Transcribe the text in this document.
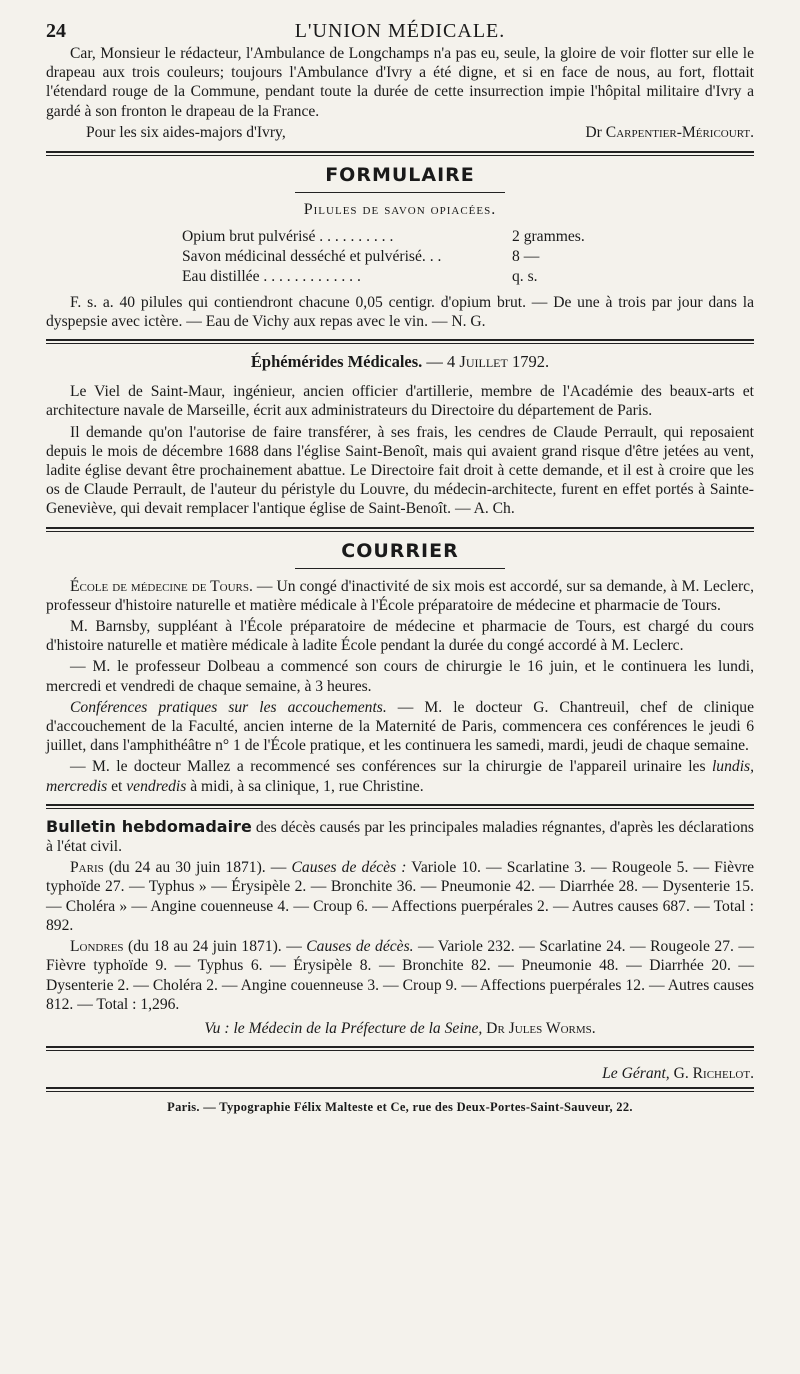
24	L'UNION MÉDICALE.

Car, Monsieur le rédacteur, l'Ambulance de Longchamps n'a pas eu, seule, la gloire de voir flotter sur elle le drapeau aux trois couleurs; toujours l'Ambulance d'Ivry a été digne, et si en face de nous, au fort, flottait l'étendard rouge de la Commune, pendant toute la durée de cette insurrection impie l'hôpital militaire d'Ivry a gardé à son fronton le drapeau de la France.

Pour les six aides-majors d'Ivry,	Dr Carpentier-Méricourt.
FORMULAIRE
Pilules de savon opiacées.
Opium brut pulvérisé . . . . . . . . . .	2 grammes.
Savon médicinal desséché et pulvérisé. . .	8 —
Eau distillée . . . . . . . . . . . . .	q. s.

F. s. a. 40 pilules qui contiendront chacune 0,05 centigr. d'opium brut. — De une à trois par jour dans la dyspepsie avec ictère. — Eau de Vichy aux repas avec le vin. — N. G.

Éphémérides Médicales. — 4 Juillet 1792.

Le Viel de Saint-Maur, ingénieur, ancien officier d'artillerie, membre de l'Académie des beaux-arts et architecture navale de Marseille, écrit aux administrateurs du Directoire du département de Paris.

Il demande qu'on l'autorise de faire transférer, à ses frais, les cendres de Claude Perrault, qui reposaient depuis le mois de décembre 1688 dans l'église Saint-Benoît, mais qui avaient grand risque d'être jetées au vent, ladite église devant être prochainement abattue. Le Directoire fait droit à cette demande, et il est à croire que les os de Claude Perrault, de l'auteur du péristyle du Louvre, du médecin-architecte, furent en effet portés à Sainte-Geneviève, qui devait remplacer l'antique église de Saint-Benoît. — A. Ch.

COURRIER

École de médecine de Tours. — Un congé d'inactivité de six mois est accordé, sur sa demande, à M. Leclerc, professeur d'histoire naturelle et matière médicale à l'École préparatoire de médecine et pharmacie de Tours.

M. Barnsby, suppléant à l'École préparatoire de médecine et pharmacie de Tours, est chargé du cours d'histoire naturelle et matière médicale à ladite École pendant la durée du congé accordé à M. Leclerc.

— M. le professeur Dolbeau a commencé son cours de chirurgie le 16 juin, et le continuera les lundi, mercredi et vendredi de chaque semaine, à 3 heures.

Conférences pratiques sur les accouchements. — M. le docteur G. Chantreuil, chef de clinique d'accouchement de la Faculté, ancien interne de la Maternité de Paris, commencera ces conférences le jeudi 6 juillet, dans l'amphithéâtre n° 1 de l'École pratique, et les continuera les samedi, mardi, jeudi de chaque semaine.

— M. le docteur Mallez a recommencé ses conférences sur la chirurgie de l'appareil urinaire les lundis, mercredis et vendredis à midi, à sa clinique, 1, rue Christine.

Bulletin hebdomadaire des décès causés par les principales maladies régnantes, d'après les déclarations à l'état civil.

Paris (du 24 au 30 juin 1871). — Causes de décès : Variole 10. — Scarlatine 3. — Rougeole 5. — Fièvre typhoïde 27. — Typhus » — Érysipèle 2. — Bronchite 36. — Pneumonie 42. — Diarrhée 28. — Dysenterie 15. — Choléra » — Angine couenneuse 4. — Croup 6. — Affections puerpérales 2. — Autres causes 687. — Total : 892.

Londres (du 18 au 24 juin 1871). — Causes de décès. — Variole 232. — Scarlatine 24. — Rougeole 27. — Fièvre typhoïde 9. — Typhus 6. — Érysipèle 8. — Bronchite 82. — Pneumonie 48. — Diarrhée 20. — Dysenterie 2. — Choléra 2. — Angine couenneuse 3. — Croup 9. — Affections puerpérales 12. — Autres causes 812. — Total : 1,296.

Vu : le Médecin de la Préfecture de la Seine, Dr Jules Worms.
Le Gérant, G. Richelot.
Paris. — Typographie Félix Malteste et Ce, rue des Deux-Portes-Saint-Sauveur, 22.
